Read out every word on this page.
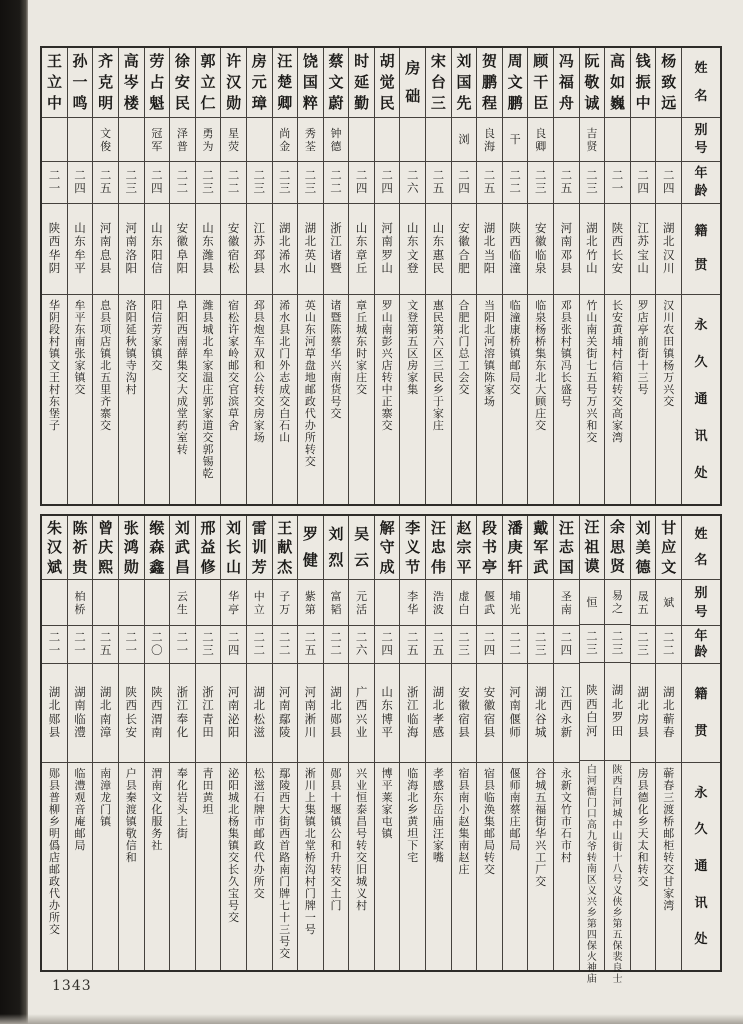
姓
名
别
号
年
龄
籍
贯
永
久
通
讯
处
杨
致
远
二
四
湖
北
汉
川
汉
川
农
田
镇
杨
万
兴
交
钱
振
中
二
四
江
苏
宝
山
罗
店
亭
前
街
十
三
号
高
如
巍
二
一
陕
西
长
安
长
安
黄
埔
村
信
箱
转
交
高
家
湾
阮
敬
诚
吉
贤
二
三
湖
北
竹
山
竹
山
南
关
街
七
五
号
万
兴
和
交
冯
福
舟
二
五
河
南
邓
县
邓
县
张
村
镇
冯
长
盛
号
顾
干
臣
良
卿
二
三
安
徽
临
泉
临
泉
杨
桥
集
东
北
大
顾
庄
交
周
文
鹏
干
二
二
陕
西
临
潼
临
潼
康
桥
镇
邮
局
交
贺
鹏
程
良
海
二
五
湖
北
当
阳
当
阳
北
河
溶
镇
陈
家
场
刘
国
先
浏
二
四
安
徽
合
肥
合
肥
北
门
总
工
会
交
宋
台
三
二
五
山
东
惠
民
惠
民
第
六
区
三
民
乡
于
家
庄
房
础
二
六
山
东
文
登
文
登
第
五
区
房
家
集
胡
觉
民
二
四
河
南
罗
山
罗
山
南
彭
兴
店
转
中
正
寨
交
时
延
勤
二
四
山
东
章
丘
章
丘
城
东
时
家
庄
交
蔡
文
蔚
钟
德
二
二
浙
江
诸
暨
诸
暨
陈
蔡
华
兴
南
货
号
交
饶
国
粹
秀
荃
二
三
湖
北
英
山
英
山
东
河
草
盘
地
邮
政
代
办
所
转
交
汪
楚
卿
尚
金
二
三
湖
北
浠
水
浠
水
县
北
门
外
志
成
交
白
石
山
房
元
璋
二
三
江
苏
邳
县
邳
县
炮
车
双
和
公
转
交
房
家
场
许
汉
勋
星
荧
二
二
安
徽
宿
松
宿
松
许
家
岭
邮
交
官
滨
草
舍
郭
立
仁
勇
为
二
三
山
东
潍
县
潍
县
城
北
牟
家
温
庄
郭
家
道
交
郭
锡
乾
徐
安
民
泽
普
二
二
安
徽
阜
阳
阜
阳
西
南
薛
集
交
大
成
堂
药
室
转
劳
占
魁
冠
军
二
四
山
东
阳
信
阳
信
芳
家
镇
交
高
岑
楼
二
三
河
南
洛
阳
洛
阳
延
秋
镇
寺
沟
村
齐
克
明
文
俊
二
五
河
南
息
县
息
县
项
店
镇
北
五
里
齐
寨
交
孙
一
鸣
二
四
山
东
牟
平
牟
平
东
南
张
家
镇
交
王
立
中
二
一
陕
西
华
阴
华
阴
段
村
镇
文
王
村
东
堡
子
姓
名
别
号
年
龄
籍
贯
永
久
通
讯
处
甘
应
文
斌
二
二
湖
北
蕲
春
蕲
春
三
渡
桥
邮
柜
转
交
甘
家
湾
刘
美
德
晟
五
二
三
湖
北
房
县
房
县
德
化
乡
天
太
和
转
交
余
思
贤
易
之
二
三
湖
北
罗
田
陕
西
白
河
城
中
山
街
十
八
号
义
侠
乡
第
五
保
裴
良
士
汪
祖
谟
恒
二
三
陕
西
白
河
白
河
衙
门
口
高
九
爷
转
南
区
义
兴
乡
第
四
保
火
神
庙
汪
志
国
圣
南
二
四
江
西
永
新
永
新
文
竹
市
石
市
村
戴
军
武
二
三
湖
北
谷
城
谷
城
五
福
街
华
兴
工
厂
交
潘
庚
轩
埔
光
二
二
河
南
偃
师
偃
师
南
蔡
庄
邮
局
段
书
亭
偃
武
二
四
安
徽
宿
县
宿
县
临
涣
集
邮
局
转
交
赵
宗
平
虚
白
二
三
安
徽
宿
县
宿
县
南
小
赵
集
南
赵
庄
汪
忠
伟
浩
波
二
五
湖
北
孝
感
孝
感
东
岳
庙
汪
家
嘴
李
义
节
李
华
二
五
浙
江
临
海
临
海
北
乡
黄
坦
下
宅
解
守
成
二
四
山
东
博
平
博
平
莱
家
屯
镇
吴
云
元
活
二
六
广
西
兴
业
兴
业
恒
泰
昌
号
转
交
旧
城
义
村
刘
烈
富
韬
二
二
湖
北
郧
县
郧
县
十
堰
镇
公
和
升
转
交
土
门
罗
健
紫
第
二
五
河
南
淅
川
淅
川
上
集
镇
北
堂
桥
沟
村
门
牌
一
号
王
献
杰
子
万
二
二
河
南
鄢
陵
鄢
陵
西
大
街
西
首
路
南
门
牌
七
十
三
号
交
雷
训
芳
中
立
二
二
湖
北
松
滋
松
滋
石
牌
市
邮
政
代
办
所
交
刘
长
山
华
亭
二
四
河
南
泌
阳
泌
阳
城
北
杨
集
镇
交
长
久
宝
号
交
邢
益
修
二
三
浙
江
青
田
青
田
黄
坦
刘
武
昌
云
生
二
一
浙
江
奉
化
奉
化
岩
头
上
街
缑
森
鑫
二
〇
陕
西
渭
南
渭
南
文
化
服
务
社
张
鸿
勋
二
一
陕
西
长
安
户
县
秦
渡
镇
敬
信
和
曾
庆
熙
二
五
湖
北
南
漳
南
漳
龙
门
镇
陈
祈
贵
柏
桥
二
一
湖
南
临
澧
临
澧
观
音
庵
邮
局
朱
汉
斌
二
一
湖
北
郧
县
郧
县
普
柳
乡
明
僞
店
邮
政
代
办
所
交
1343
